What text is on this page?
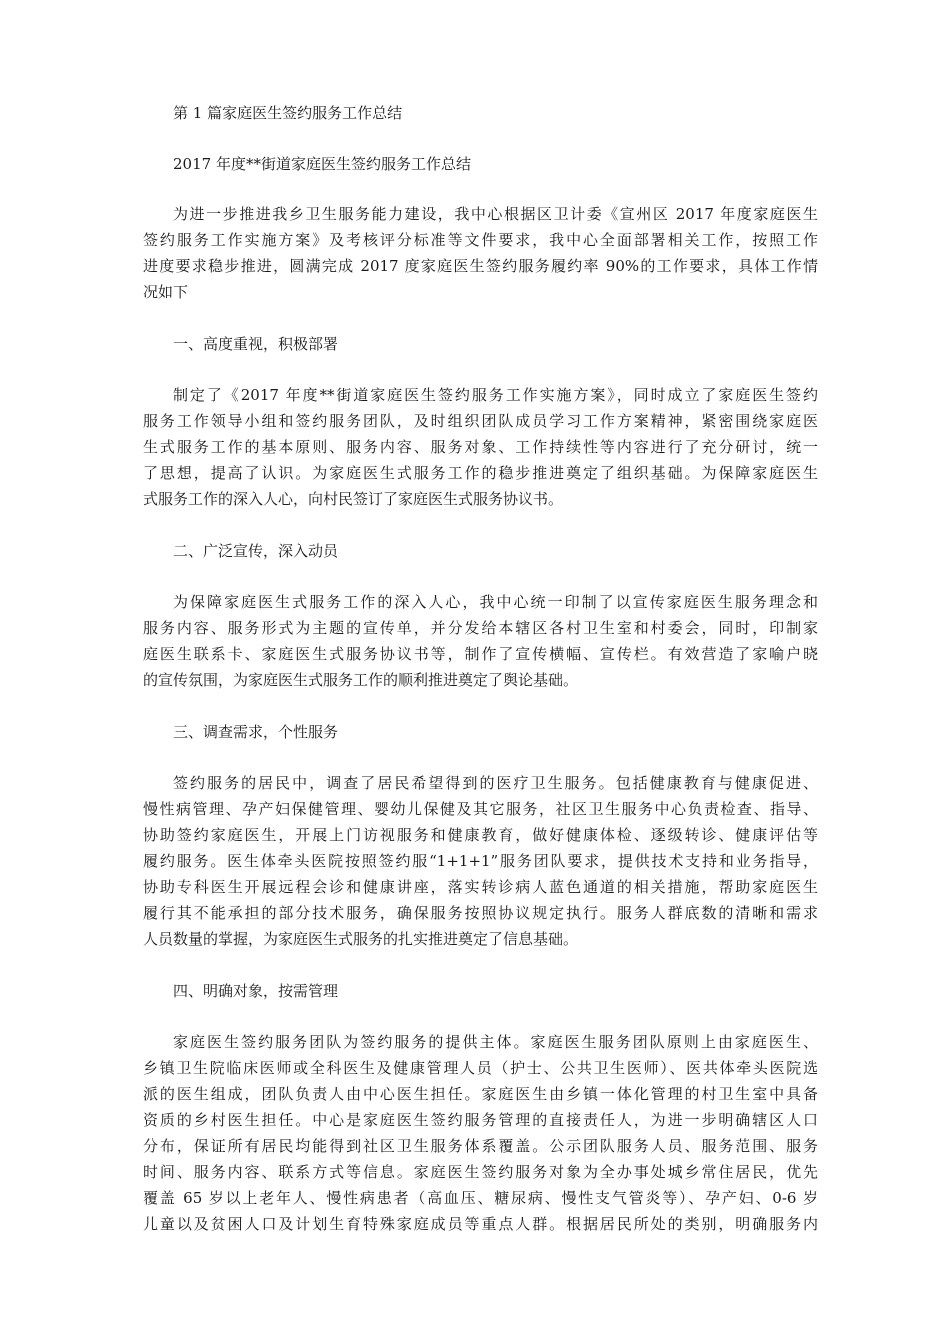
第 1 篇家庭医生签约服务工作总结
2017 年度**街道家庭医生签约服务工作总结
为进一步推进我乡卫生服务能力建设，我中心根据区卫计委《宣州区 2017 年度家庭医生
签约服务工作实施方案》及考核评分标准等文件要求，我中心全面部署相关工作，按照工作
进度要求稳步推进，圆满完成 2017 度家庭医生签约服务履约率 90%的工作要求，具体工作情
况如下
一、高度重视，积极部署
制定了《2017 年度**街道家庭医生签约服务工作实施方案》，同时成立了家庭医生签约
服务工作领导小组和签约服务团队，及时组织团队成员学习工作方案精神，紧密围绕家庭医
生式服务工作的基本原则、服务内容、服务对象、工作持续性等内容进行了充分研讨，统一
了思想，提高了认识。为家庭医生式服务工作的稳步推进奠定了组织基础。为保障家庭医生
式服务工作的深入人心，向村民签订了家庭医生式服务协议书。
二、广泛宣传，深入动员
为保障家庭医生式服务工作的深入人心，我中心统一印制了以宣传家庭医生服务理念和
服务内容、服务形式为主题的宣传单，并分发给本辖区各村卫生室和村委会，同时，印制家
庭医生联系卡、家庭医生式服务协议书等，制作了宣传横幅、宣传栏。有效营造了家喻户晓
的宣传氛围，为家庭医生式服务工作的顺利推进奠定了舆论基础。
三、调查需求，个性服务
签约服务的居民中，调查了居民希望得到的医疗卫生服务。包括健康教育与健康促进、
慢性病管理、孕产妇保健管理、婴幼儿保健及其它服务，社区卫生服务中心负责检查、指导、
协助签约家庭医生，开展上门访视服务和健康教育，做好健康体检、逐级转诊、健康评估等
履约服务。医生体牵头医院按照签约服“1+1+1”服务团队要求，提供技术支持和业务指导，
协助专科医生开展远程会诊和健康讲座，落实转诊病人蓝色通道的相关措施，帮助家庭医生
履行其不能承担的部分技术服务，确保服务按照协议规定执行。服务人群底数的清晰和需求
人员数量的掌握，为家庭医生式服务的扎实推进奠定了信息基础。
四、明确对象，按需管理
家庭医生签约服务团队为签约服务的提供主体。家庭医生服务团队原则上由家庭医生、
乡镇卫生院临床医师或全科医生及健康管理人员（护士、公共卫生医师）、医共体牵头医院选
派的医生组成，团队负责人由中心医生担任。家庭医生由乡镇一体化管理的村卫生室中具备
资质的乡村医生担任。中心是家庭医生签约服务管理的直接责任人，为进一步明确辖区人口
分布，保证所有居民均能得到社区卫生服务体系覆盖。公示团队服务人员、服务范围、服务
时间、服务内容、联系方式等信息。家庭医生签约服务对象为全办事处城乡常住居民，优先
覆盖 65 岁以上老年人、慢性病患者（高血压、糖尿病、慢性支气管炎等）、孕产妇、0-6 岁
儿童以及贫困人口及计划生育特殊家庭成员等重点人群。根据居民所处的类别，明确服务内
